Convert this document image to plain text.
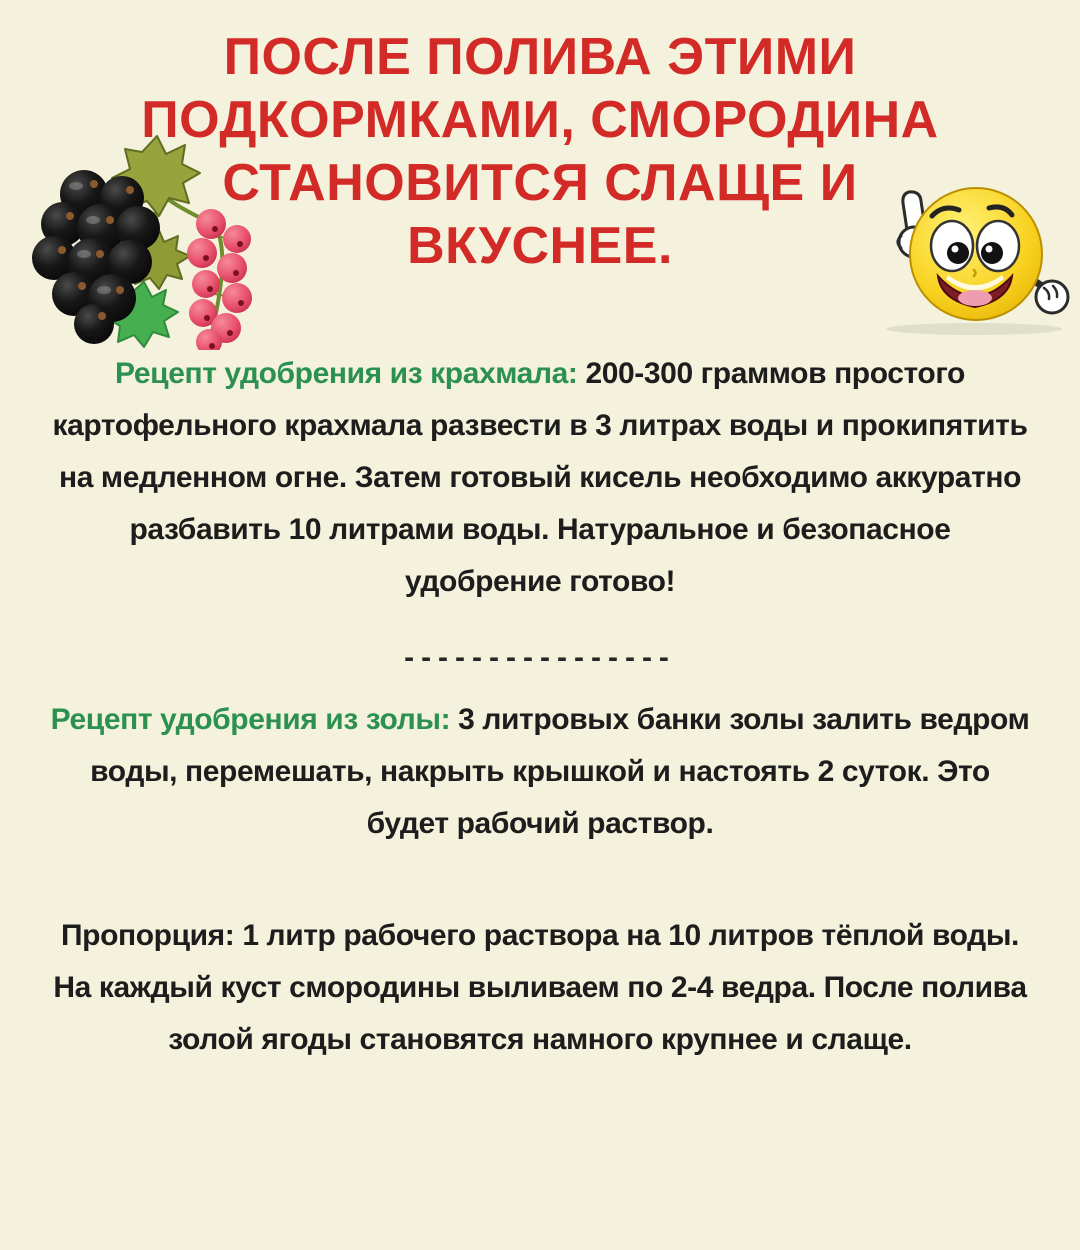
ПОСЛЕ ПОЛИВА ЭТИМИ
ПОДКОРМКАМИ, СМОРОДИНА
СТАНОВИТСЯ СЛАЩЕ И
ВКУСНЕЕ.

Рецепт удобрения из крахмала: 200-300 граммов простого картофельного крахмала развести в 3 литрах воды и прокипятить на медленном огне. Затем готовый кисель необходимо аккуратно разбавить 10 литрами воды. Натуральное и безопасное удобрение готово!

----------------

Рецепт удобрения из золы: 3 литровых банки золы залить ведром воды, перемешать, накрыть крышкой и настоять 2 суток. Это будет рабочий раствор.

Пропорция: 1 литр рабочего раствора на 10 литров тёплой воды. На каждый куст смородины выливаем по 2-4 ведра. После полива золой ягоды становятся намного крупнее и слаще.
